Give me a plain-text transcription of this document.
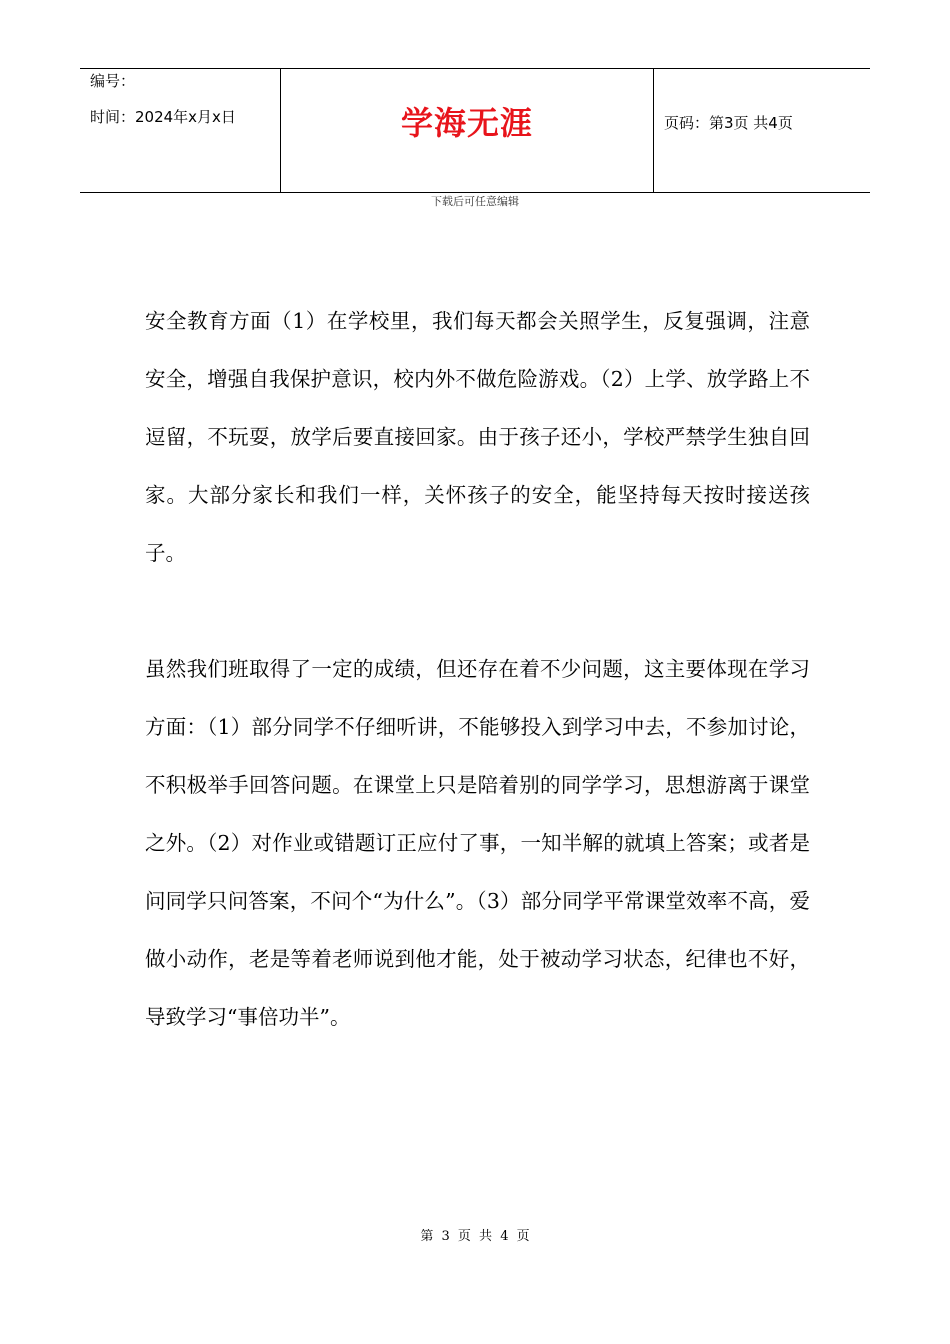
编号：
时间：2024年x月x日	学海无涯	页码：第3页 共4页
下载后可任意编辑

安全教育方面（1）在学校里，我们每天都会关照学生，反复强调，注意安全，增强自我保护意识，校内外不做危险游戏。（2）上学、放学路上不逗留，不玩耍，放学后要直接回家。由于孩子还小，学校严禁学生独自回家。大部分家长和我们一样，关怀孩子的安全，能坚持每天按时接送孩子。

虽然我们班取得了一定的成绩，但还存在着不少问题，这主要体现在学习方面：（1）部分同学不仔细听讲，不能够投入到学习中去，不参加讨论，不积极举手回答问题。在课堂上只是陪着别的同学学习，思想游离于课堂之外。（2）对作业或错题订正应付了事，一知半解的就填上答案；或者是问同学只问答案，不问个“为什么”。（3）部分同学平常课堂效率不高，爱做小动作，老是等着老师说到他才能，处于被动学习状态，纪律也不好，导致学习“事倍功半”。

第 3 页 共 4 页
